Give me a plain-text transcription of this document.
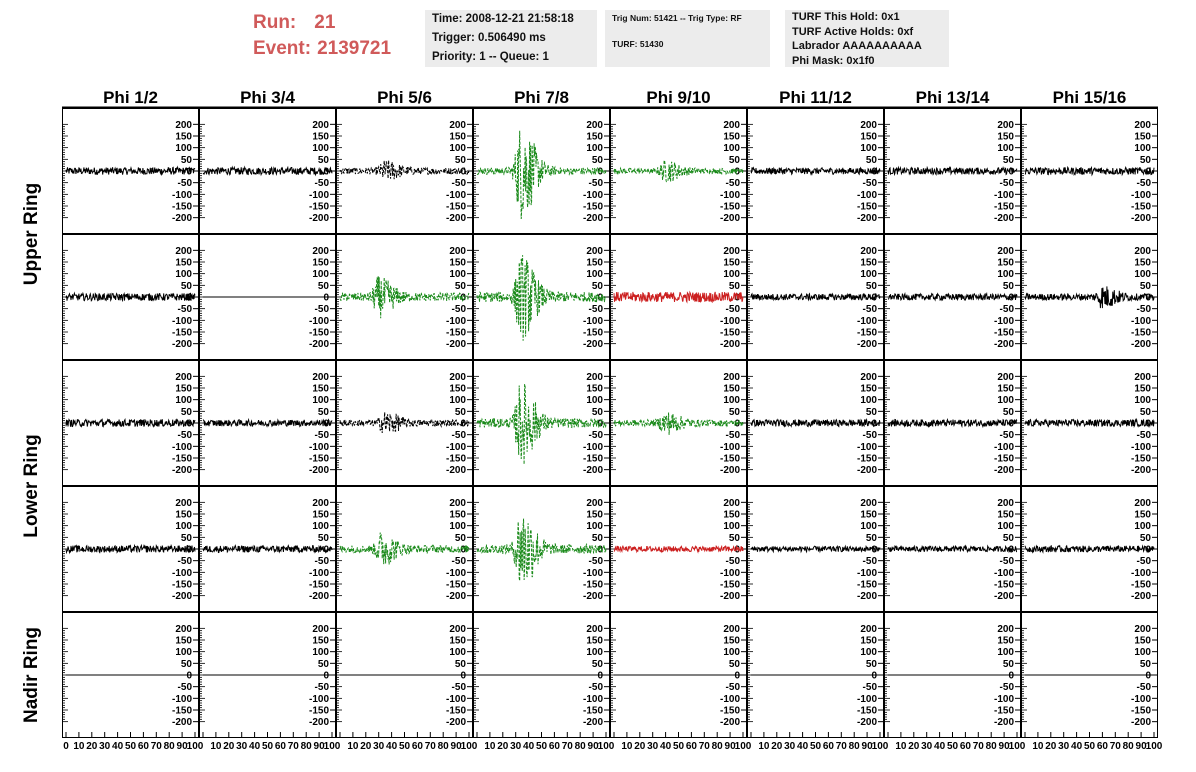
Run: 21
Event: 2139721
Time: 2008-12-21 21:58:18
Trigger: 0.506490 ms
Priority: 1 -- Queue: 1
Trig Num: 51421 -- Trig Type: RF
TURF: 51430
TURF This Hold: 0x1
TURF Active Holds: 0xf
Labrador AAAAAAAAAA
Phi Mask: 0x1f0
Phi 1/2	Phi 3/4	Phi 5/6	Phi 7/8	Phi 9/10	Phi 11/12	Phi 13/14	Phi 15/16
Upper Ring
Lower Ring
Nadir Ring
200
150
100
50
0
-50
-100
-150
-200
200
150
100
50
0
-50
-100
-150
-200
200
150
100
50
0
-50
-100
-150
-200
200
150
100
50
0
-50
-100
-150
-200
200
150
100
50
0
-50
-100
-150
-200
200
150
100
50
0
-50
-100
-150
-200
200
150
100
50
0
-50
-100
-150
-200
200
150
100
50
0
-50
-100
-150
-200
200
150
100
50
0
-50
-100
-150
-200
200
150
100
50
0
-50
-100
-150
-200
200
150
100
50
0
-50
-100
-150
-200
200
150
100
50
0
-50
-100
-150
-200
200
150
100
50
0
-50
-100
-150
-200
200
150
100
50
0
-50
-100
-150
-200
200
150
100
50
0
-50
-100
-150
-200
200
150
100
50
0
-50
-100
-150
-200
200
150
100
50
0
-50
-100
-150
-200
200
150
100
50
0
-50
-100
-150
-200
200
150
100
50
0
-50
-100
-150
-200
200
150
100
50
0
-50
-100
-150
-200
200
150
100
50
0
-50
-100
-150
-200
200
150
100
50
0
-50
-100
-150
-200
200
150
100
50
0
-50
-100
-150
-200
200
150
100
50
0
-50
-100
-150
-200
200
150
100
50
0
-50
-100
-150
-200
200
150
100
50
0
-50
-100
-150
-200
200
150
100
50
0
-50
-100
-150
-200
200
150
100
50
0
-50
-100
-150
-200
200
150
100
50
0
-50
-100
-150
-200
200
150
100
50
0
-50
-100
-150
-200
200
150
100
50
0
-50
-100
-150
-200
200
150
100
50
0
-50
-100
-150
-200
200
150
100
50
0
-50
-100
-150
-200
200
150
100
50
0
-50
-100
-150
-200
200
150
100
50
0
-50
-100
-150
-200
200
150
100
50
0
-50
-100
-150
-200
200
150
100
50
0
-50
-100
-150
-200
200
150
100
50
0
-50
-100
-150
-200
200
150
100
50
0
-50
-100
-150
-200
200
150
100
50
0
-50
-100
-150
-200
0 10 20 30 40 50 60 70 80 90
100 10 20 30 40 50 60 70 80 90
100 10 20 30 40 50 60 70 80 90
100 10 20 30 40 50 60 70 80 90
100 10 20 30 40 50 60 70 80 90
100 10 20 30 40 50 60 70 80 90
100 10 20 30 40 50 60 70 80 90
100 10 20 30 40 50 60 70 80 90
100
